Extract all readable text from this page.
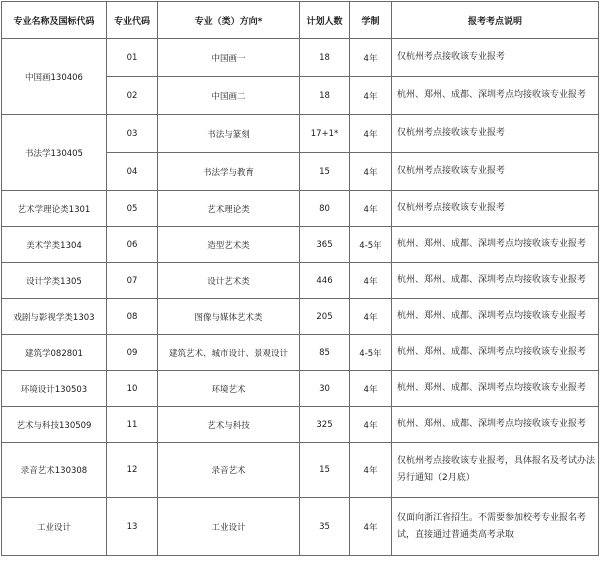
专业名称及国标代码	专业代码	专业（类）方向*	计划人数	学制	报考考点说明
中国画130406	01	中国画一	18	4年	仅杭州考点接收该专业报考
	02	中国画二	18	4年	杭州、郑州、成都、深圳考点均接收该专业报考
书法学130405	03	书法与篆刻	17+1*	4年	仅杭州考点接收该专业报考
	04	书法学与教育	15	4年	仅杭州考点接收该专业报考
艺术学理论类1301	05	艺术理论类	80	4年	仅杭州考点接收该专业报考
美术学类1304	06	造型艺术类	365	4-5年	杭州、郑州、成都、深圳考点均接收该专业报考
设计学类1305	07	设计艺术类	446	4年	杭州、郑州、成都、深圳考点均接收该专业报考
戏剧与影视学类1303	08	图像与媒体艺术类	205	4年	杭州、郑州、成都、深圳考点均接收该专业报考
建筑学082801	09	建筑艺术、城市设计、景观设计	85	4-5年	杭州、郑州、成都、深圳考点均接收该专业报考
环境设计130503	10	环境艺术	30	4年	杭州、郑州、成都、深圳考点均接收该专业报考
艺术与科技130509	11	艺术与科技	325	4年	杭州、郑州、成都、深圳考点均接收该专业报考
录音艺术130308	12	录音艺术	15	4年	仅杭州考点接收该专业报考，具体报名及考试办法另行通知（2月底）
工业设计	13	工业设计	35	4年	仅面向浙江省招生。不需要参加校考专业报名考试，直接通过普通类高考录取
